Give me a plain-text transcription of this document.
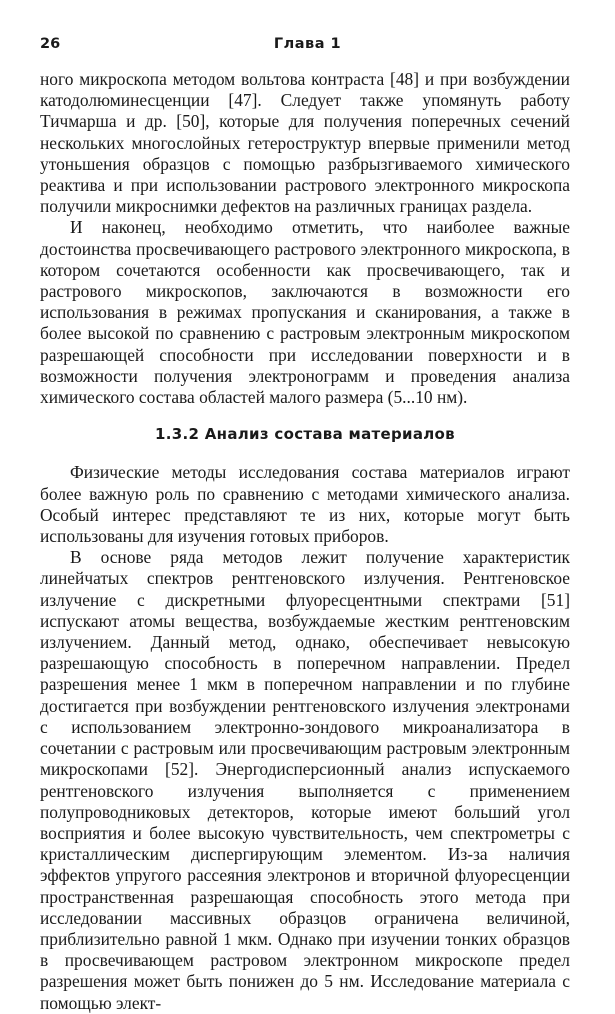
26	Глава 1

ного микроскопа методом вольтова контраста [48] и при возбуждении катодолюминесценции [47]. Следует также упомянуть работу Тичмарша и др. [50], которые для получения поперечных сечений нескольких многослойных гетероструктур впервые применили метод утоньшения образцов с помощью разбрызгиваемого химического реактива и при использовании растрового электронного микроскопа получили микроснимки дефектов на различных границах раздела.

И наконец, необходимо отметить, что наиболее важные достоинства просвечивающего растрового электронного микроскопа, в котором сочетаются особенности как просвечивающего, так и растрового микроскопов, заключаются в возможности его использования в режимах пропускания и сканирования, а также в более высокой по сравнению с растровым электронным микроскопом разрешающей способности при исследовании поверхности и в возможности получения электронограмм и проведения анализа химического состава областей малого размера (5...10 нм).

1.3.2 Анализ состава материалов

Физические методы исследования состава материалов играют более важную роль по сравнению с методами химического анализа. Особый интерес представляют те из них, которые могут быть использованы для изучения готовых приборов.

В основе ряда методов лежит получение характеристик линейчатых спектров рентгеновского излучения. Рентгеновское излучение с дискретными флуоресцентными спектрами [51] испускают атомы вещества, возбуждаемые жестким рентгеновским излучением. Данный метод, однако, обеспечивает невысокую разрешающую способность в поперечном направлении. Предел разрешения менее 1 мкм в поперечном направлении и по глубине достигается при возбуждении рентгеновского излучения электронами с использованием электронно-зондового микроанализатора в сочетании с растровым или просвечивающим растровым электронным микроскопами [52]. Энергодисперсионный анализ испускаемого рентгеновского излучения выполняется с применением полупроводниковых детекторов, которые имеют больший угол восприятия и более высокую чувствительность, чем спектрометры с кристаллическим диспергирующим элементом. Из-за наличия эффектов упругого рассеяния электронов и вторичной флуоресценции пространственная разрешающая способность этого метода при исследовании массивных образцов ограничена величиной, приблизительно равной 1 мкм. Однако при изучении тонких образцов в просвечивающем растровом электронном микроскопе предел разрешения может быть понижен до 5 нм. Исследование материала с помощью элект-
